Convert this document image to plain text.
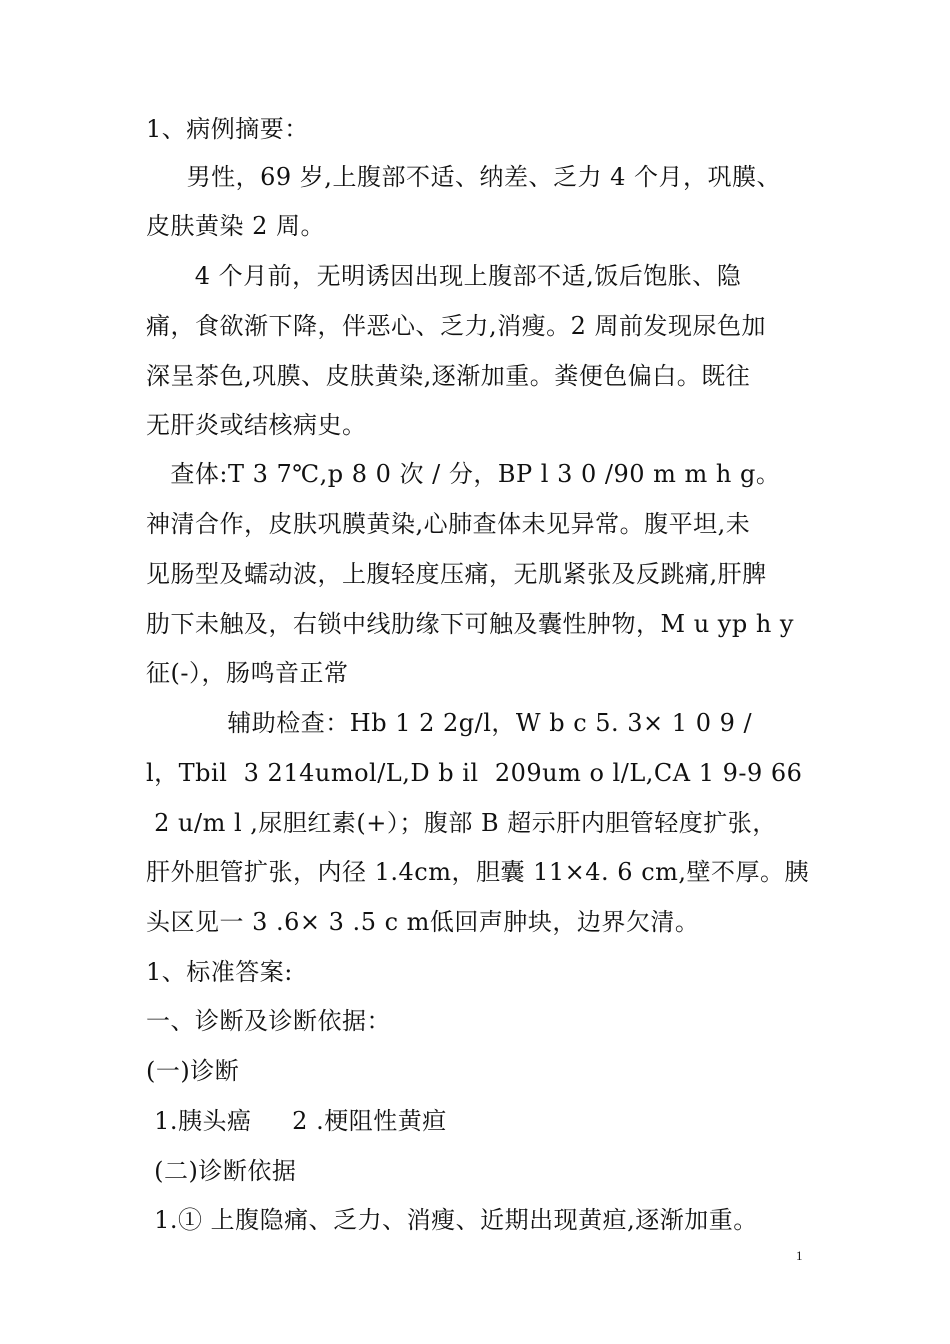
1、病例摘要：
男性，69 岁,上腹部不适、纳差、乏力 4 个月，巩膜、
皮肤黄染 2 周。
4 个月前，无明诱因出现上腹部不适,饭后饱胀、隐
痛，食欲渐下降，伴恶心、乏力,消瘦。2 周前发现尿色加
深呈茶色,巩膜、皮肤黄染,逐渐加重。粪便色偏白。既往
无肝炎或结核病史。
查体:T 3 7℃,p 8 0 次 / 分，BP l 3 0 /90 m m h g。
神清合作，皮肤巩膜黄染,心肺查体未见异常。腹平坦,未
见肠型及蠕动波，上腹轻度压痛，无肌紧张及反跳痛,肝脾
肋下未触及，右锁中线肋缘下可触及囊性肿物，M u yp h y
征(-），肠鸣音正常
辅助检查：Hb 1 2 2g/l，W b c 5. 3× 1 0 9 /
l，Tbil  3 214umol/L,D b il  209um o l/L,CA 1 9-9 66
2 u/m l ,尿胆红素(+）；腹部 B 超示肝内胆管轻度扩张，
肝外胆管扩张，内径 1.4cm，胆囊 11×4. 6 cm,壁不厚。胰
头区见一 3 .6× 3 .5 c m低回声肿块，边界欠清。
1、标准答案:
一、诊断及诊断依据：
(一)诊断
1.胰头癌     2 .梗阻性黄疸
(二)诊断依据
1.① 上腹隐痛、乏力、消瘦、近期出现黄疸,逐渐加重。
1
